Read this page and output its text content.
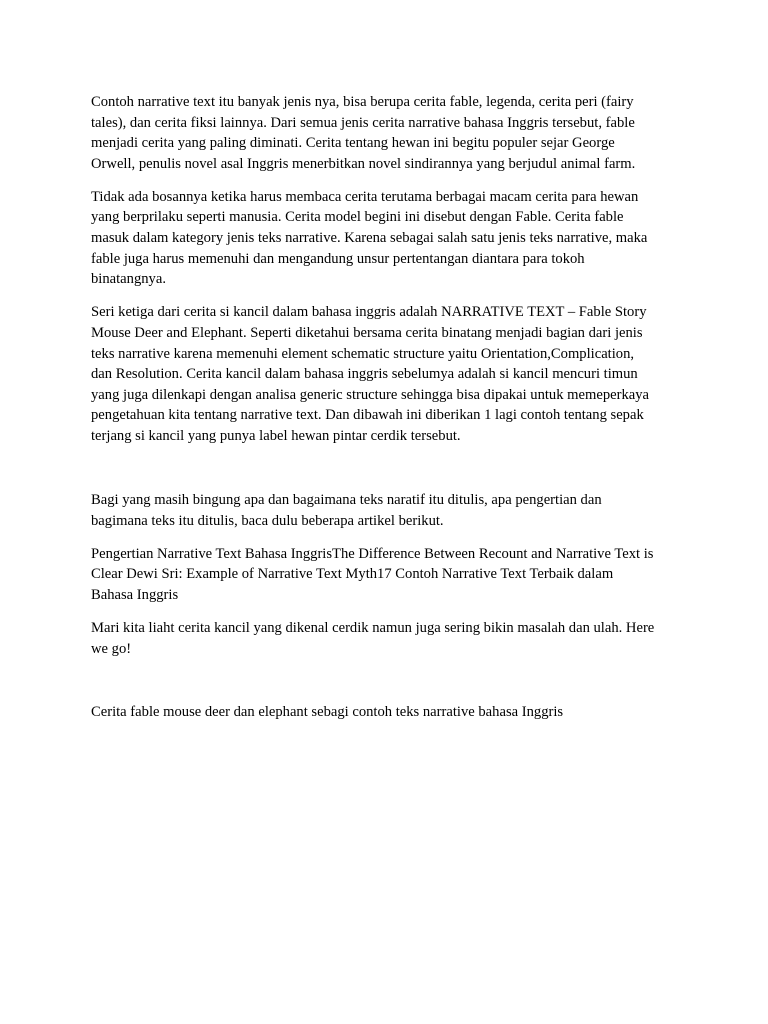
Contoh narrative text itu banyak jenis nya, bisa berupa cerita fable, legenda, cerita peri (fairy
tales), dan cerita fiksi lainnya. Dari semua jenis cerita narrative bahasa Inggris tersebut, fable
menjadi cerita yang paling diminati. Cerita tentang hewan ini begitu populer sejar George
Orwell, penulis novel asal Inggris menerbitkan novel sindirannya yang berjudul animal farm.

Tidak ada bosannya ketika harus membaca cerita terutama berbagai macam cerita para hewan
yang berprilaku seperti manusia. Cerita model begini ini disebut dengan Fable. Cerita fable
masuk dalam kategory jenis teks narrative. Karena sebagai salah satu jenis teks narrative, maka
fable juga harus memenuhi dan mengandung unsur pertentangan diantara para tokoh
binatangnya.

Seri ketiga dari cerita si kancil dalam bahasa inggris adalah NARRATIVE TEXT – Fable Story
Mouse Deer and Elephant. Seperti diketahui bersama cerita binatang menjadi bagian dari jenis
teks narrative karena memenuhi element schematic structure yaitu Orientation,Complication,
dan Resolution. Cerita kancil dalam bahasa inggris sebelumya adalah si kancil mencuri timun
yang juga dilenkapi dengan analisa generic structure sehingga bisa dipakai untuk memeperkaya
pengetahuan kita tentang narrative text. Dan dibawah ini diberikan 1 lagi contoh tentang sepak
terjang si kancil yang punya label hewan pintar cerdik tersebut.

Bagi yang masih bingung apa dan bagaimana teks naratif itu ditulis, apa pengertian dan
bagimana teks itu ditulis, baca dulu beberapa artikel berikut.

Pengertian Narrative Text Bahasa InggrisThe Difference Between Recount and Narrative Text is
Clear Dewi Sri: Example of Narrative Text Myth17 Contoh Narrative Text Terbaik dalam
Bahasa Inggris

Mari kita liaht cerita kancil yang dikenal cerdik namun juga sering bikin masalah dan ulah. Here
we go!

Cerita fable mouse deer dan elephant sebagi contoh teks narrative bahasa Inggris
